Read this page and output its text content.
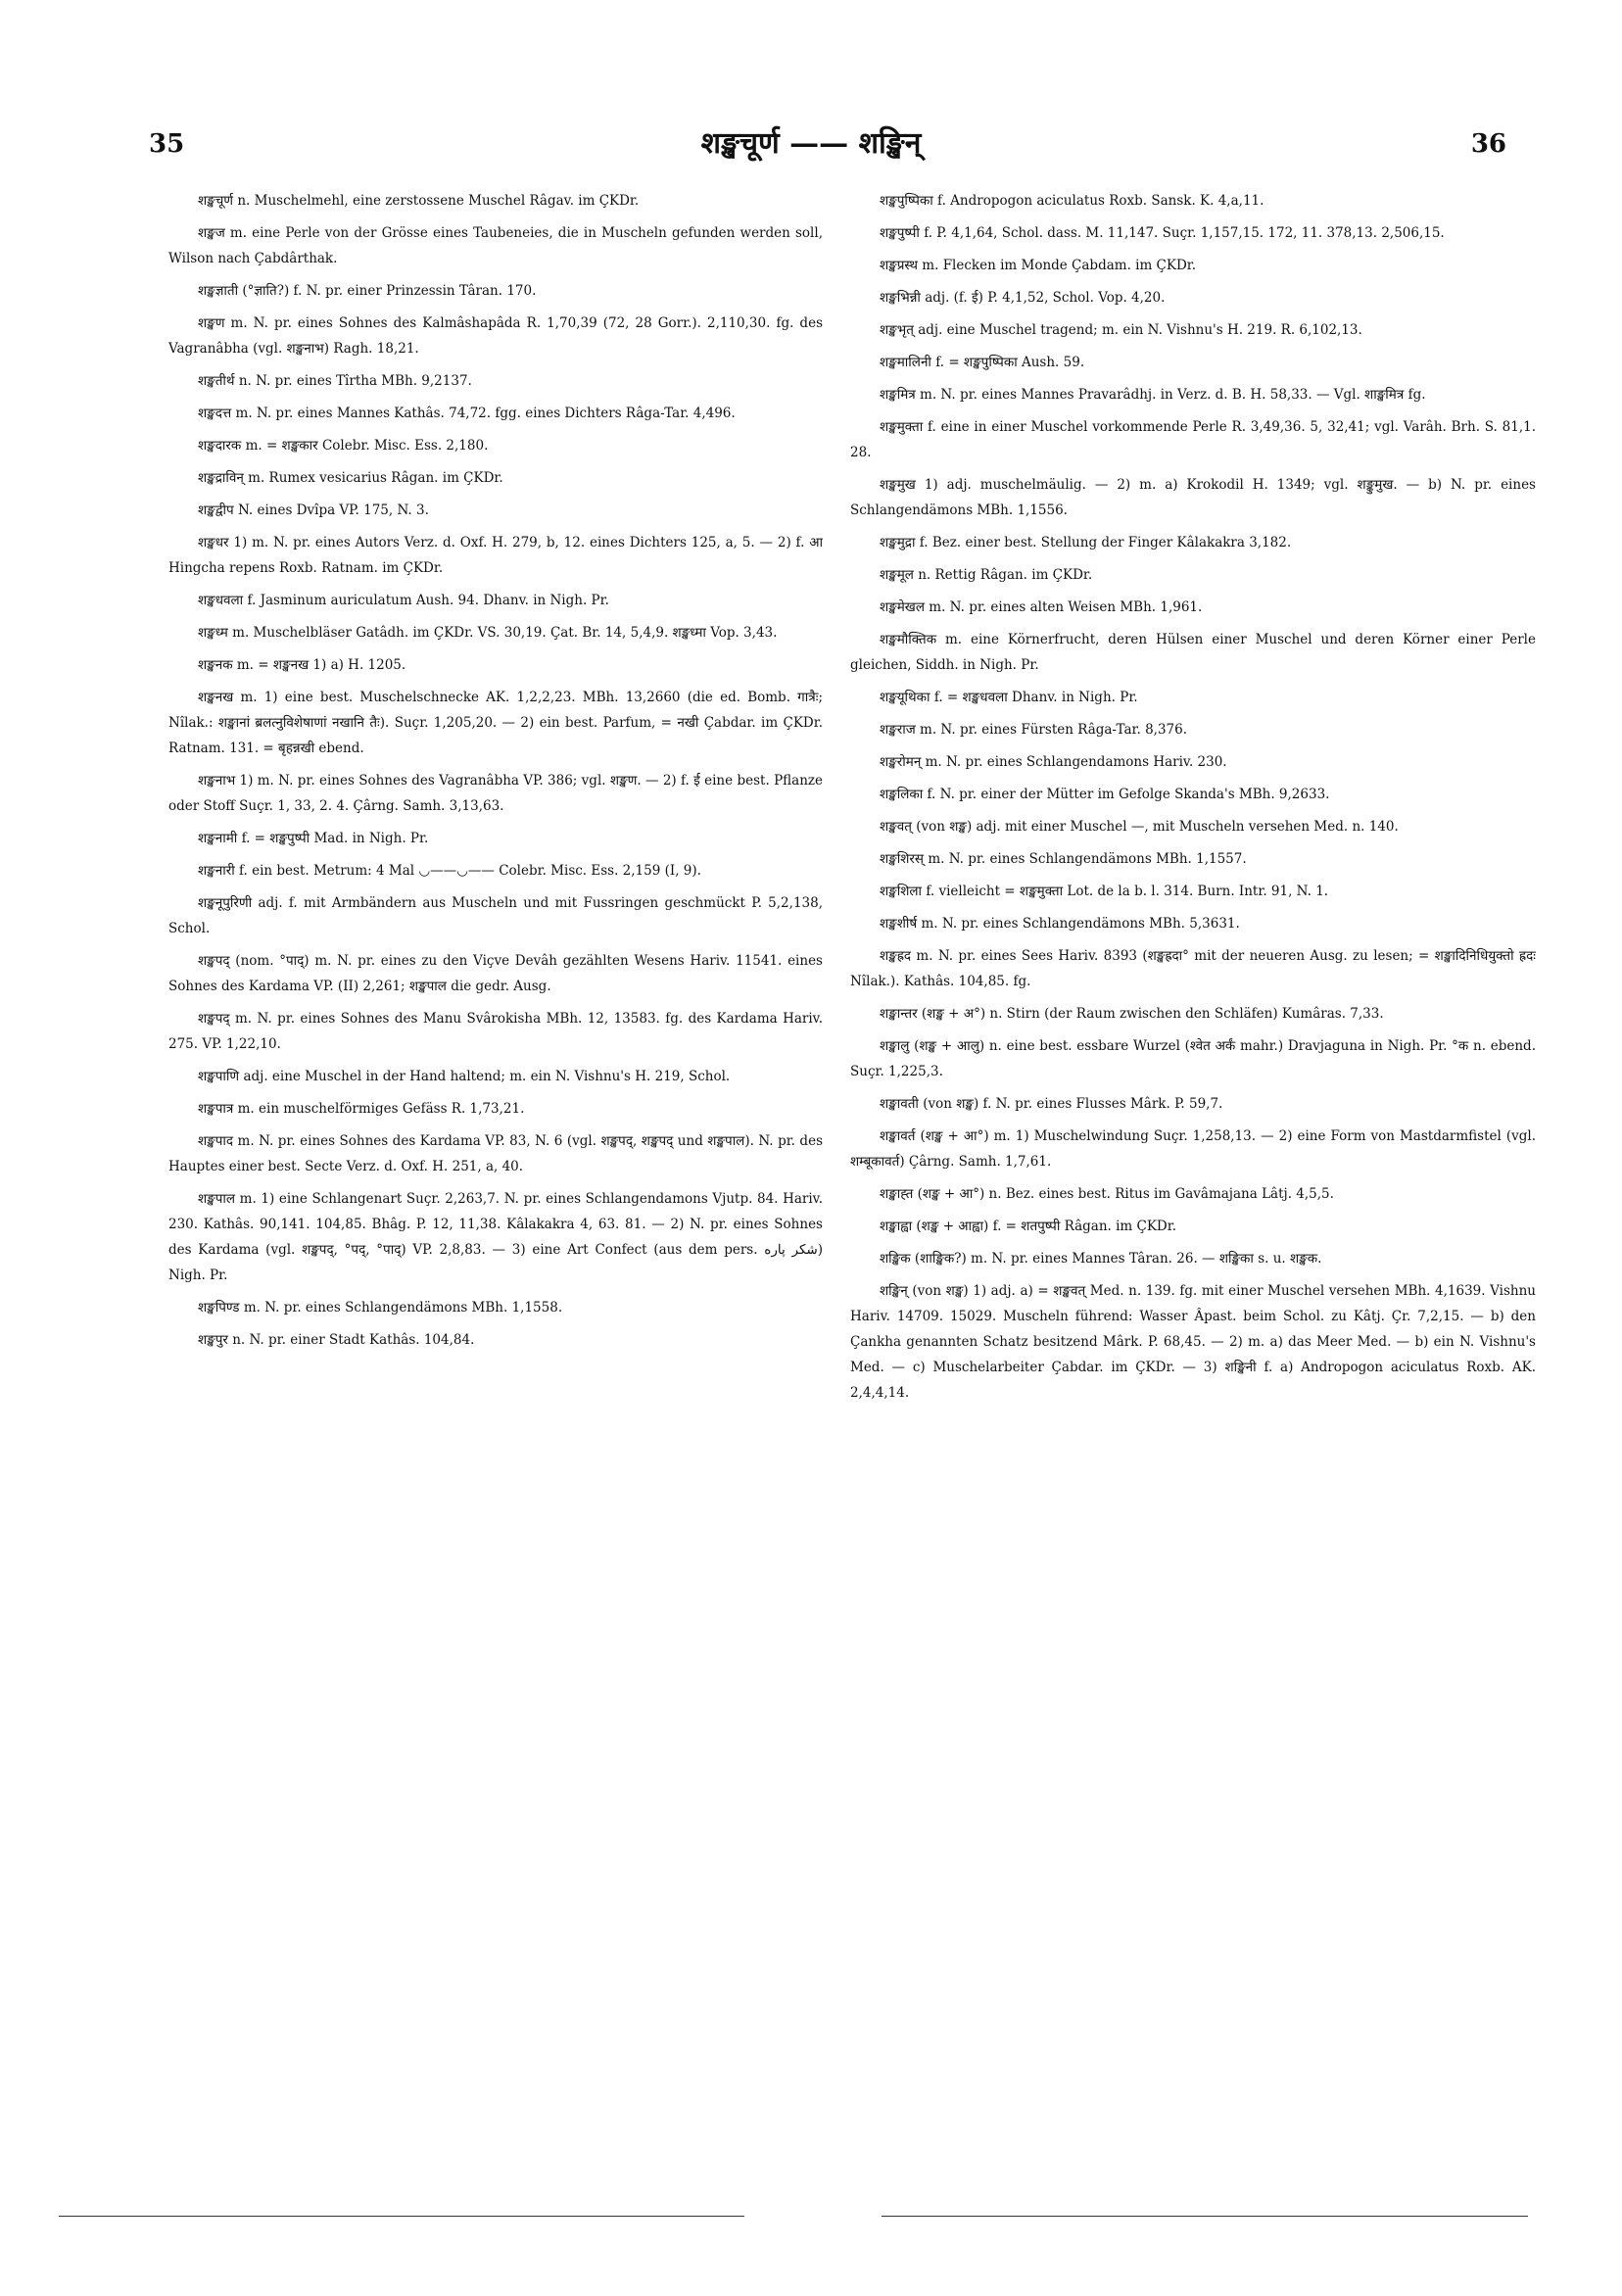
35	शङ्खचूर्ण —— शङ्खिन्	36

शङ्खचूर्ण n. Muschelmehl, eine zerstossene Muschel Râgav. im ÇKDr.

शङ्खज m. eine Perle von der Grösse eines Taubeneies, die in Muscheln gefunden werden soll, Wilson nach Çabdârthak.

शङ्खज्ञाती (°ज्ञाति?) f. N. pr. einer Prinzessin Târan. 170.

शङ्खण m. N. pr. eines Sohnes des Kalmâshapâda R. 1,70,39 (72, 28 Gorr.). 2,110,30. fg. des Vagranâbha (vgl. शङ्खनाभ) Ragh. 18,21.

शङ्खतीर्थ n. N. pr. eines Tîrtha MBh. 9,2137.

शङ्खदत्त m. N. pr. eines Mannes Kathâs. 74,72. fgg. eines Dichters Râga-Tar. 4,496.

शङ्खदारक m. = शङ्खकार Colebr. Misc. Ess. 2,180.

शङ्खद्राविन् m. Rumex vesicarius Râgan. im ÇKDr.

शङ्खद्वीप N. eines Dvîpa VP. 175, N. 3.

शङ्खधर 1) m. N. pr. eines Autors Verz. d. Oxf. H. 279, b, 12. eines Dichters 125, a, 5. — 2) f. आ Hingcha repens Roxb. Ratnam. im ÇKDr.

शङ्खधवला f. Jasminum auriculatum Aush. 94. Dhanv. in Nigh. Pr.

शङ्खध्म m. Muschelbläser Gatâdh. im ÇKDr. VS. 30,19. Çat. Br. 14, 5,4,9. शङ्खध्मा Vop. 3,43.

शङ्खनक m. = शङ्खनख 1) a) H. 1205.

शङ्खनख m. 1) eine best. Muschelschnecke AK. 1,2,2,23. MBh. 13,2660 (die ed. Bomb. गात्रैः; Nîlak.: शङ्खानां ब्रलत्नुविशेषाणां नखानि तैः). Suçr. 1,205,20. — 2) ein best. Parfum, = नखी Çabdar. im ÇKDr. Ratnam. 131. = बृहन्नखी ebend.

शङ्खनाभ 1) m. N. pr. eines Sohnes des Vagranâbha VP. 386; vgl. शङ्खण. — 2) f. ई eine best. Pflanze oder Stoff Suçr. 1, 33, 2. 4. Çârng. Samh. 3,13,63.

शङ्खनामी f. = शङ्खपुष्पी Mad. in Nigh. Pr.

शङ्खनारी f. ein best. Metrum: 4 Mal ◡——◡—— Colebr. Misc. Ess. 2,159 (I, 9).

शङ्खनूपुरिणी adj. f. mit Armbändern aus Muscheln und mit Fussringen geschmückt P. 5,2,138, Schol.

शङ्खपद् (nom. °पाद्) m. N. pr. eines zu den Viçve Devâh gezählten Wesens Hariv. 11541. eines Sohnes des Kardama VP. (II) 2,261; शङ्खपाल die gedr. Ausg.

शङ्खपद् m. N. pr. eines Sohnes des Manu Svârokisha MBh. 12, 13583. fg. des Kardama Hariv. 275. VP. 1,22,10.

शङ्खपाणि adj. eine Muschel in der Hand haltend; m. ein N. Vishnu's H. 219, Schol.

शङ्खपात्र m. ein muschelförmiges Gefäss R. 1,73,21.

शङ्खपाद m. N. pr. eines Sohnes des Kardama VP. 83, N. 6 (vgl. शङ्खपद्, शङ्खपद् und शङ्खपाल). N. pr. des Hauptes einer best. Secte Verz. d. Oxf. H. 251, a, 40.

शङ्खपाल m. 1) eine Schlangenart Suçr. 2,263,7. N. pr. eines Schlangendamons Vjutp. 84. Hariv. 230. Kathâs. 90,141. 104,85. Bhâg. P. 12, 11,38. Kâlakakra 4, 63. 81. — 2) N. pr. eines Sohnes des Kardama (vgl. शङ्खपद्, °पद्, °पाद्) VP. 2,8,83. — 3) eine Art Confect (aus dem pers. شکر پاره) Nigh. Pr.

शङ्खपिण्ड m. N. pr. eines Schlangendämons MBh. 1,1558.

शङ्खपुर n. N. pr. einer Stadt Kathâs. 104,84.

शङ्खपुष्पिका f. Andropogon aciculatus Roxb. Sansk. K. 4,a,11.

शङ्खपुष्पी f. P. 4,1,64, Schol. dass. M. 11,147. Suçr. 1,157,15. 172, 11. 378,13. 2,506,15.

शङ्खप्रस्थ m. Flecken im Monde Çabdam. im ÇKDr.

शङ्खभिन्नी adj. (f. ई) P. 4,1,52, Schol. Vop. 4,20.

शङ्खभृत् adj. eine Muschel tragend; m. ein N. Vishnu's H. 219. R. 6,102,13.

शङ्खमालिनी f. = शङ्खपुष्पिका Aush. 59.

शङ्खमित्र m. N. pr. eines Mannes Pravarâdhj. in Verz. d. B. H. 58,33. — Vgl. शाङ्खमित्र fg.

शङ्खमुक्ता f. eine in einer Muschel vorkommende Perle R. 3,49,36. 5, 32,41; vgl. Varâh. Brh. S. 81,1. 28.

शङ्खमुख 1) adj. muschelmäulig. — 2) m. a) Krokodil H. 1349; vgl. शङ्कुमुख. — b) N. pr. eines Schlangendämons MBh. 1,1556.

शङ्खमुद्रा f. Bez. einer best. Stellung der Finger Kâlakakra 3,182.

शङ्खमूल n. Rettig Râgan. im ÇKDr.

शङ्खमेखल m. N. pr. eines alten Weisen MBh. 1,961.

शङ्खमौक्तिक m. eine Körnerfrucht, deren Hülsen einer Muschel und deren Körner einer Perle gleichen, Siddh. in Nigh. Pr.

शङ्खयूथिका f. = शङ्खधवला Dhanv. in Nigh. Pr.

शङ्खराज m. N. pr. eines Fürsten Râga-Tar. 8,376.

शङ्खरोमन् m. N. pr. eines Schlangendamons Hariv. 230.

शङ्खलिका f. N. pr. einer der Mütter im Gefolge Skanda's MBh. 9,2633.

शङ्खवत् (von शङ्ख) adj. mit einer Muschel —, mit Muscheln versehen Med. n. 140.

शङ्खशिरस् m. N. pr. eines Schlangendämons MBh. 1,1557.

शङ्खशिला f. vielleicht = शङ्खमुक्ता Lot. de la b. l. 314. Burn. Intr. 91, N. 1.

शङ्खशीर्ष m. N. pr. eines Schlangendämons MBh. 5,3631.

शङ्खह्रद m. N. pr. eines Sees Hariv. 8393 (शङ्खह्रदा° mit der neueren Ausg. zu lesen; = शङ्खादिनिधियुक्तो ह्रदः Nîlak.). Kathâs. 104,85. fg.

शङ्खान्तर (शङ्ख + अ°) n. Stirn (der Raum zwischen den Schläfen) Kumâras. 7,33.

शङ्खालु (शङ्ख + आलु) n. eine best. essbare Wurzel (श्वेत अर्कं mahr.) Dravjaguna in Nigh. Pr. °क n. ebend. Suçr. 1,225,3.

शङ्खावती (von शङ्ख) f. N. pr. eines Flusses Mârk. P. 59,7.

शङ्खावर्त (शङ्ख + आ°) m. 1) Muschelwindung Suçr. 1,258,13. — 2) eine Form von Mastdarmfistel (vgl. शम्बूकावर्त) Çârng. Samh. 1,7,61.

शङ्खाह्त (शङ्ख + आ°) n. Bez. eines best. Ritus im Gavâmajana Lâtj. 4,5,5.

शङ्खाह्वा (शङ्ख + आह्वा) f. = शतपुष्पी Râgan. im ÇKDr.

शङ्खिक (शाङ्खिक?) m. N. pr. eines Mannes Târan. 26. — शङ्खिका s. u. शङ्खक.

शङ्खिन् (von शङ्ख) 1) adj. a) = शङ्खवत् Med. n. 139. fg. mit einer Muschel versehen MBh. 4,1639. Vishnu Hariv. 14709. 15029. Muscheln führend: Wasser Âpast. beim Schol. zu Kâtj. Çr. 7,2,15. — b) den Çankha genannten Schatz besitzend Mârk. P. 68,45. — 2) m. a) das Meer Med. — b) ein N. Vishnu's Med. — c) Muschelarbeiter Çabdar. im ÇKDr. — 3) शङ्खिनी f. a) Andropogon aciculatus Roxb. AK. 2,4,4,14.
